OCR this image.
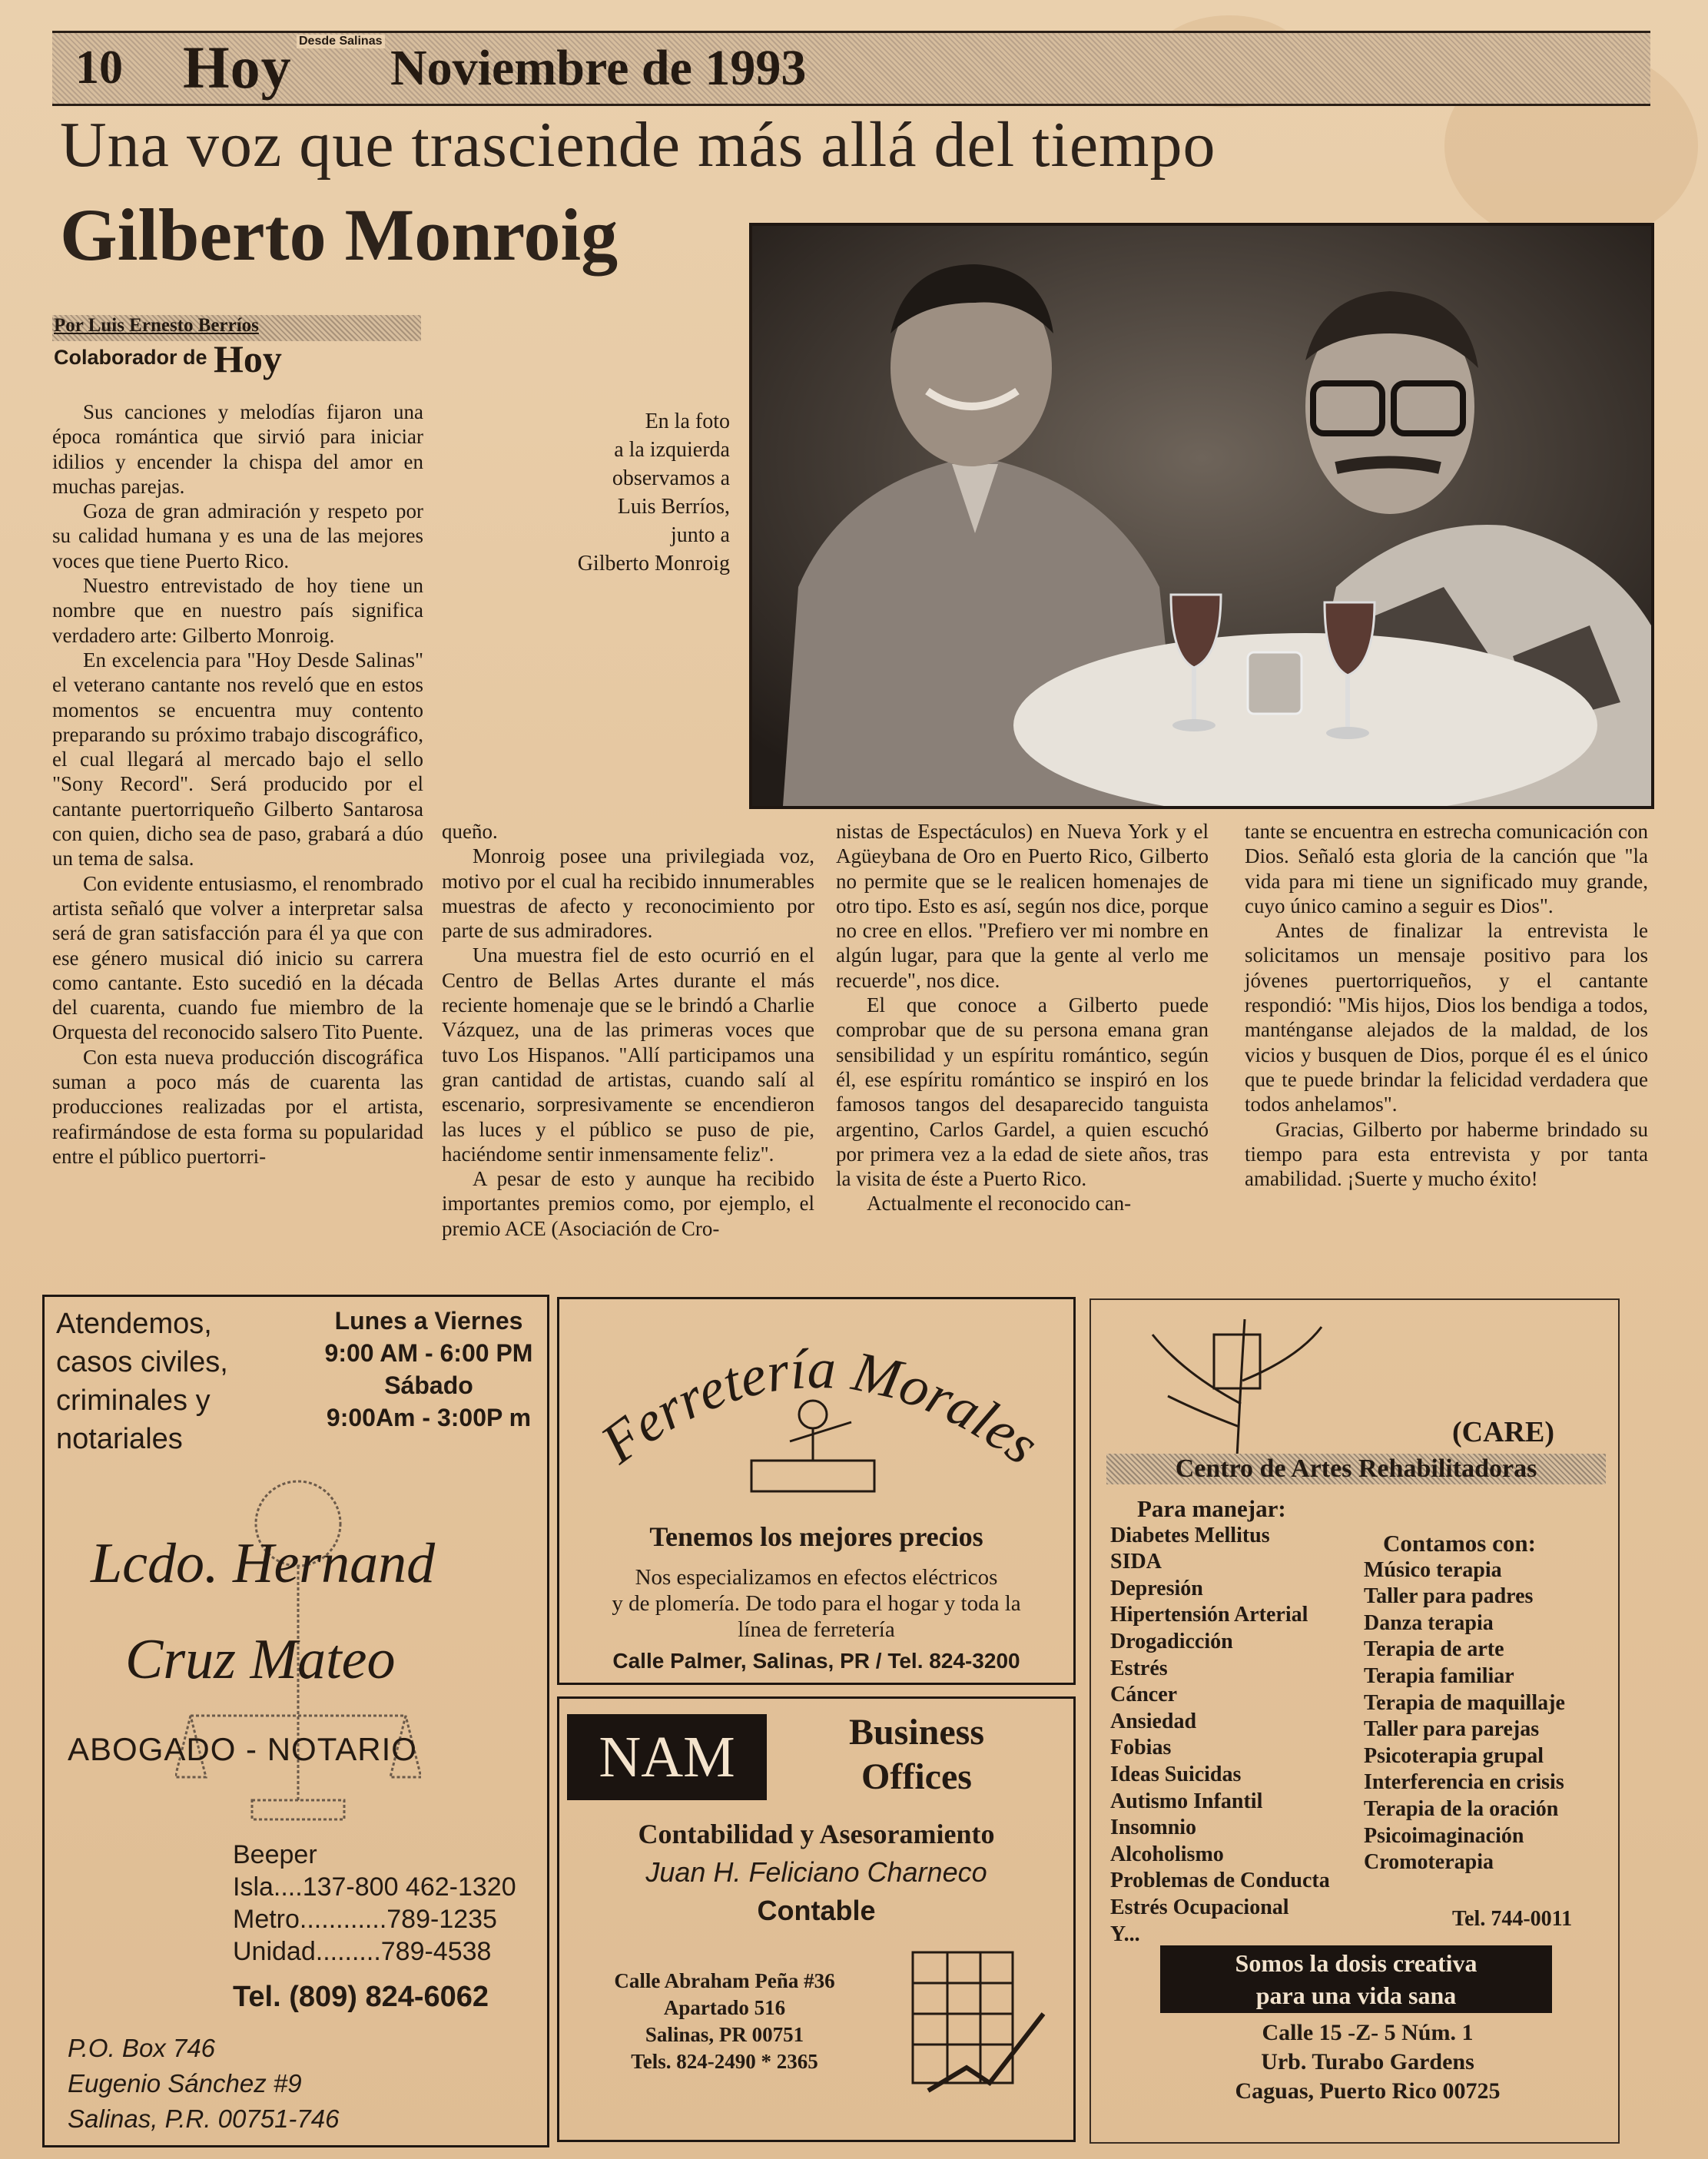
10 Hoy Desde Salinas Noviembre de 1993
Una voz que trasciende más allá del tiempo
Gilberto Monroig
Por Luis Ernesto Berríos
Colaborador de Hoy
En la foto
a la izquierda
observamos a
Luis Berríos,
junto a
Gilberto Monroig

Sus canciones y melodías fijaron una época romántica que sirvió para iniciar idilios y encender la chispa del amor en muchas parejas.

Goza de gran admiración y respeto por su calidad humana y es una de las mejores voces que tiene Puerto Rico.

Nuestro entrevistado de hoy tiene un nombre que en nuestro país significa verdadero arte: Gilberto Monroig.

En excelencia para "Hoy Desde Salinas" el veterano cantante nos reveló que en estos momentos se encuentra muy contento preparando su próximo trabajo discográfico, el cual llegará al mercado bajo el sello "Sony Record". Será producido por el cantante puertorriqueño Gilberto Santarosa con quien, dicho sea de paso, grabará a dúo un tema de salsa.

Con evidente entusiasmo, el renombrado artista señaló que volver a interpretar salsa será de gran satisfacción para él ya que con ese género musical dió inicio su carrera como cantante. Esto sucedió en la década del cuarenta, cuando fue miembro de la Orquesta del reconocido salsero Tito Puente.

Con esta nueva producción discográfica suman a poco más de cuarenta las producciones realizadas por el artista, reafirmándose de esta forma su popularidad entre el público puertorri-

queño.

Monroig posee una privilegiada voz, motivo por el cual ha recibido innumerables muestras de afecto y reconocimiento por parte de sus admiradores.

Una muestra fiel de esto ocurrió en el Centro de Bellas Artes durante el más reciente homenaje que se le brindó a Charlie Vázquez, una de las primeras voces que tuvo Los Hispanos. "Allí participamos una gran cantidad de artistas, cuando salí al escenario, sorpresivamente se encendieron las luces y el público se puso de pie, haciéndome sentir inmensamente feliz".

A pesar de esto y aunque ha recibido importantes premios como, por ejemplo, el premio ACE (Asociación de Cro-

nistas de Espectáculos) en Nueva York y el Agüeybana de Oro en Puerto Rico, Gilberto no permite que se le realicen homenajes de otro tipo. Esto es así, según nos dice, porque no cree en ellos. "Prefiero ver mi nombre en algún lugar, para que la gente al verlo me recuerde", nos dice.

El que conoce a Gilberto puede comprobar que de su persona emana gran sensibilidad y un espíritu romántico, según él, ese espíritu romántico se inspiró en los famosos tangos del desaparecido tanguista argentino, Carlos Gardel, a quien escuchó por primera vez a la edad de siete años, tras la visita de éste a Puerto Rico.

Actualmente el reconocido can-

tante se encuentra en estrecha comunicación con Dios. Señaló esta gloria de la canción que "la vida para mi tiene un significado muy grande, cuyo único camino a seguir es Dios".

Antes de finalizar la entrevista le solicitamos un mensaje positivo para los jóvenes puertorriqueños, y el cantante respondió: "Mis hijos, Dios los bendiga a todos, manténganse alejados de la maldad, de los vicios y busquen de Dios, porque él es el único que te puede brindar la felicidad verdadera que todos anhelamos".

Gracias, Gilberto por haberme brindado su tiempo para esta entrevista y por tanta amabilidad. ¡Suerte y mucho éxito!

Atendemos,
casos civiles,
criminales y
notariales
Lunes a Viernes
9:00 AM - 6:00 PM
Sábado
9:00Am - 3:00P m
Lcdo. Hernand
Cruz Mateo
ABOGADO - NOTARIO
Beeper
Isla....137-800 462-1320
Metro............789-1235
Unidad.........789-4538
Tel. (809) 824-6062
P.O. Box 746
Eugenio Sánchez #9
Salinas, P.R. 00751-746
Ferretería Morales
Tenemos los mejores precios
Nos especializamos en efectos eléctricos
y de plomería. De todo para el hogar y toda la
línea de ferretería
Calle Palmer, Salinas, PR / Tel. 824-3200
NAM	Business
Offices
Contabilidad y Asesoramiento
Juan H. Feliciano Charneco
Contable
Calle Abraham Peña #36
Apartado 516
Salinas, PR 00751
Tels. 824-2490 * 2365
(CARE)
Centro de Artes Rehabilitadoras
Para manejar:
Diabetes Mellitus
SIDA
Depresión
Hipertensión Arterial
Drogadicción
Estrés
Cáncer
Ansiedad
Fobias
Ideas Suicidas
Autismo Infantil
Insomnio
Alcoholismo
Problemas de Conducta
Estrés Ocupacional
Y...
Contamos con:
Músico terapia
Taller para padres
Danza terapia
Terapia de arte
Terapia familiar
Terapia de maquillaje
Taller para parejas
Psicoterapia grupal
Interferencia en crisis
Terapia de la oración
Psicoimaginación
Cromoterapia
Tel. 744-0011
Somos la dosis creativa
para una vida sana
Calle 15 -Z- 5 Núm. 1
Urb. Turabo Gardens
Caguas, Puerto Rico 00725
